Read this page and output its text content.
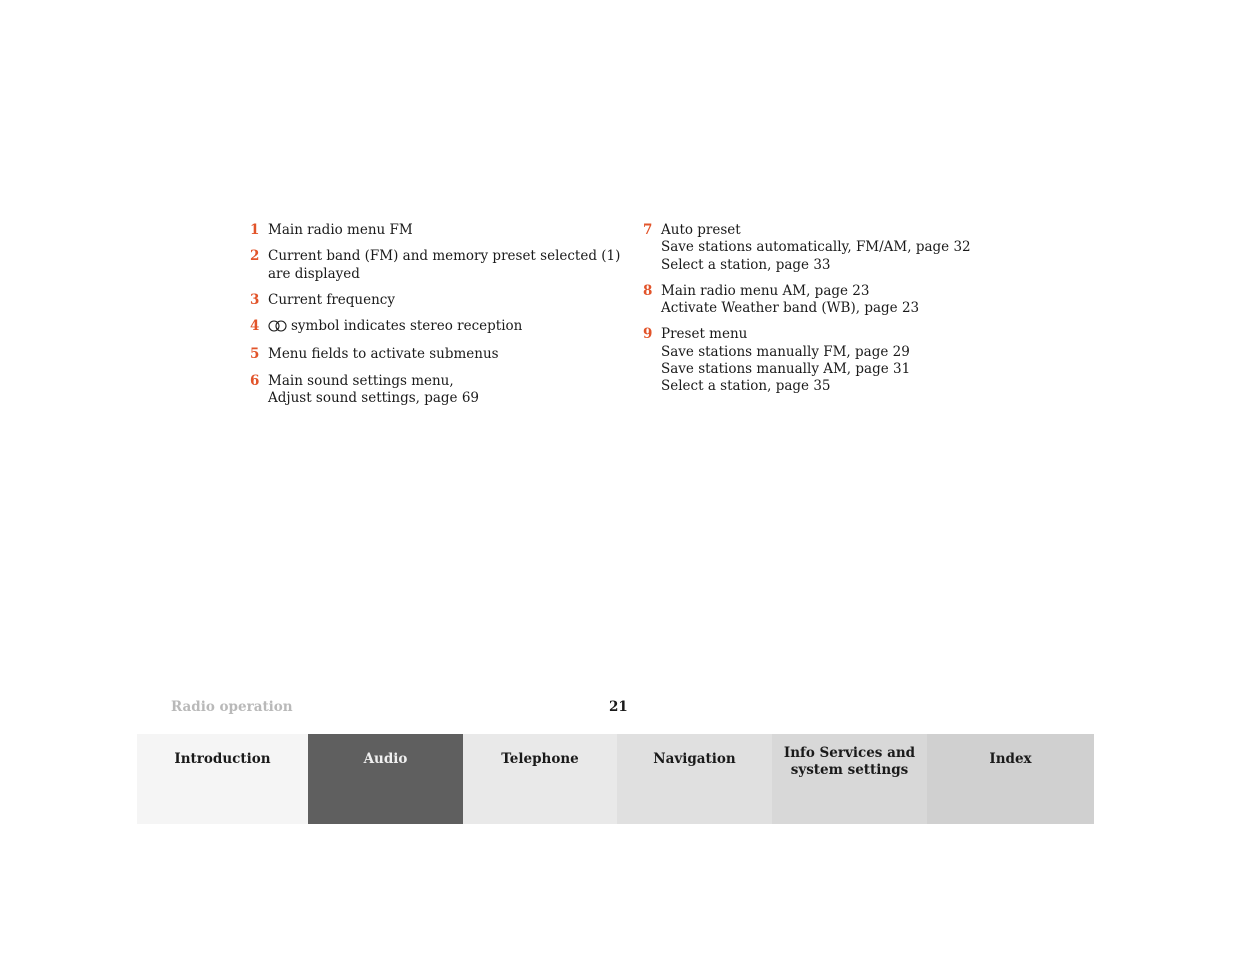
1 Main radio menu FM
2 Current band (FM) and memory preset selected (1)
are displayed
3 Current frequency
4	symbol indicates stereo reception
5 Menu fields to activate submenus
6 Main sound settings menu,
Adjust sound settings, page 69
7 Auto preset
Save stations automatically, FM/AM, page 32
Select a station, page 33
8 Main radio menu AM, page 23
Activate Weather band (WB), page 23
9 Preset menu
Save stations manually FM, page 29
Save stations manually AM, page 31
Select a station, page 35
Radio operation	21
Introduction	Audio	Telephone	Navigation	Info Services and
system settings
Index
